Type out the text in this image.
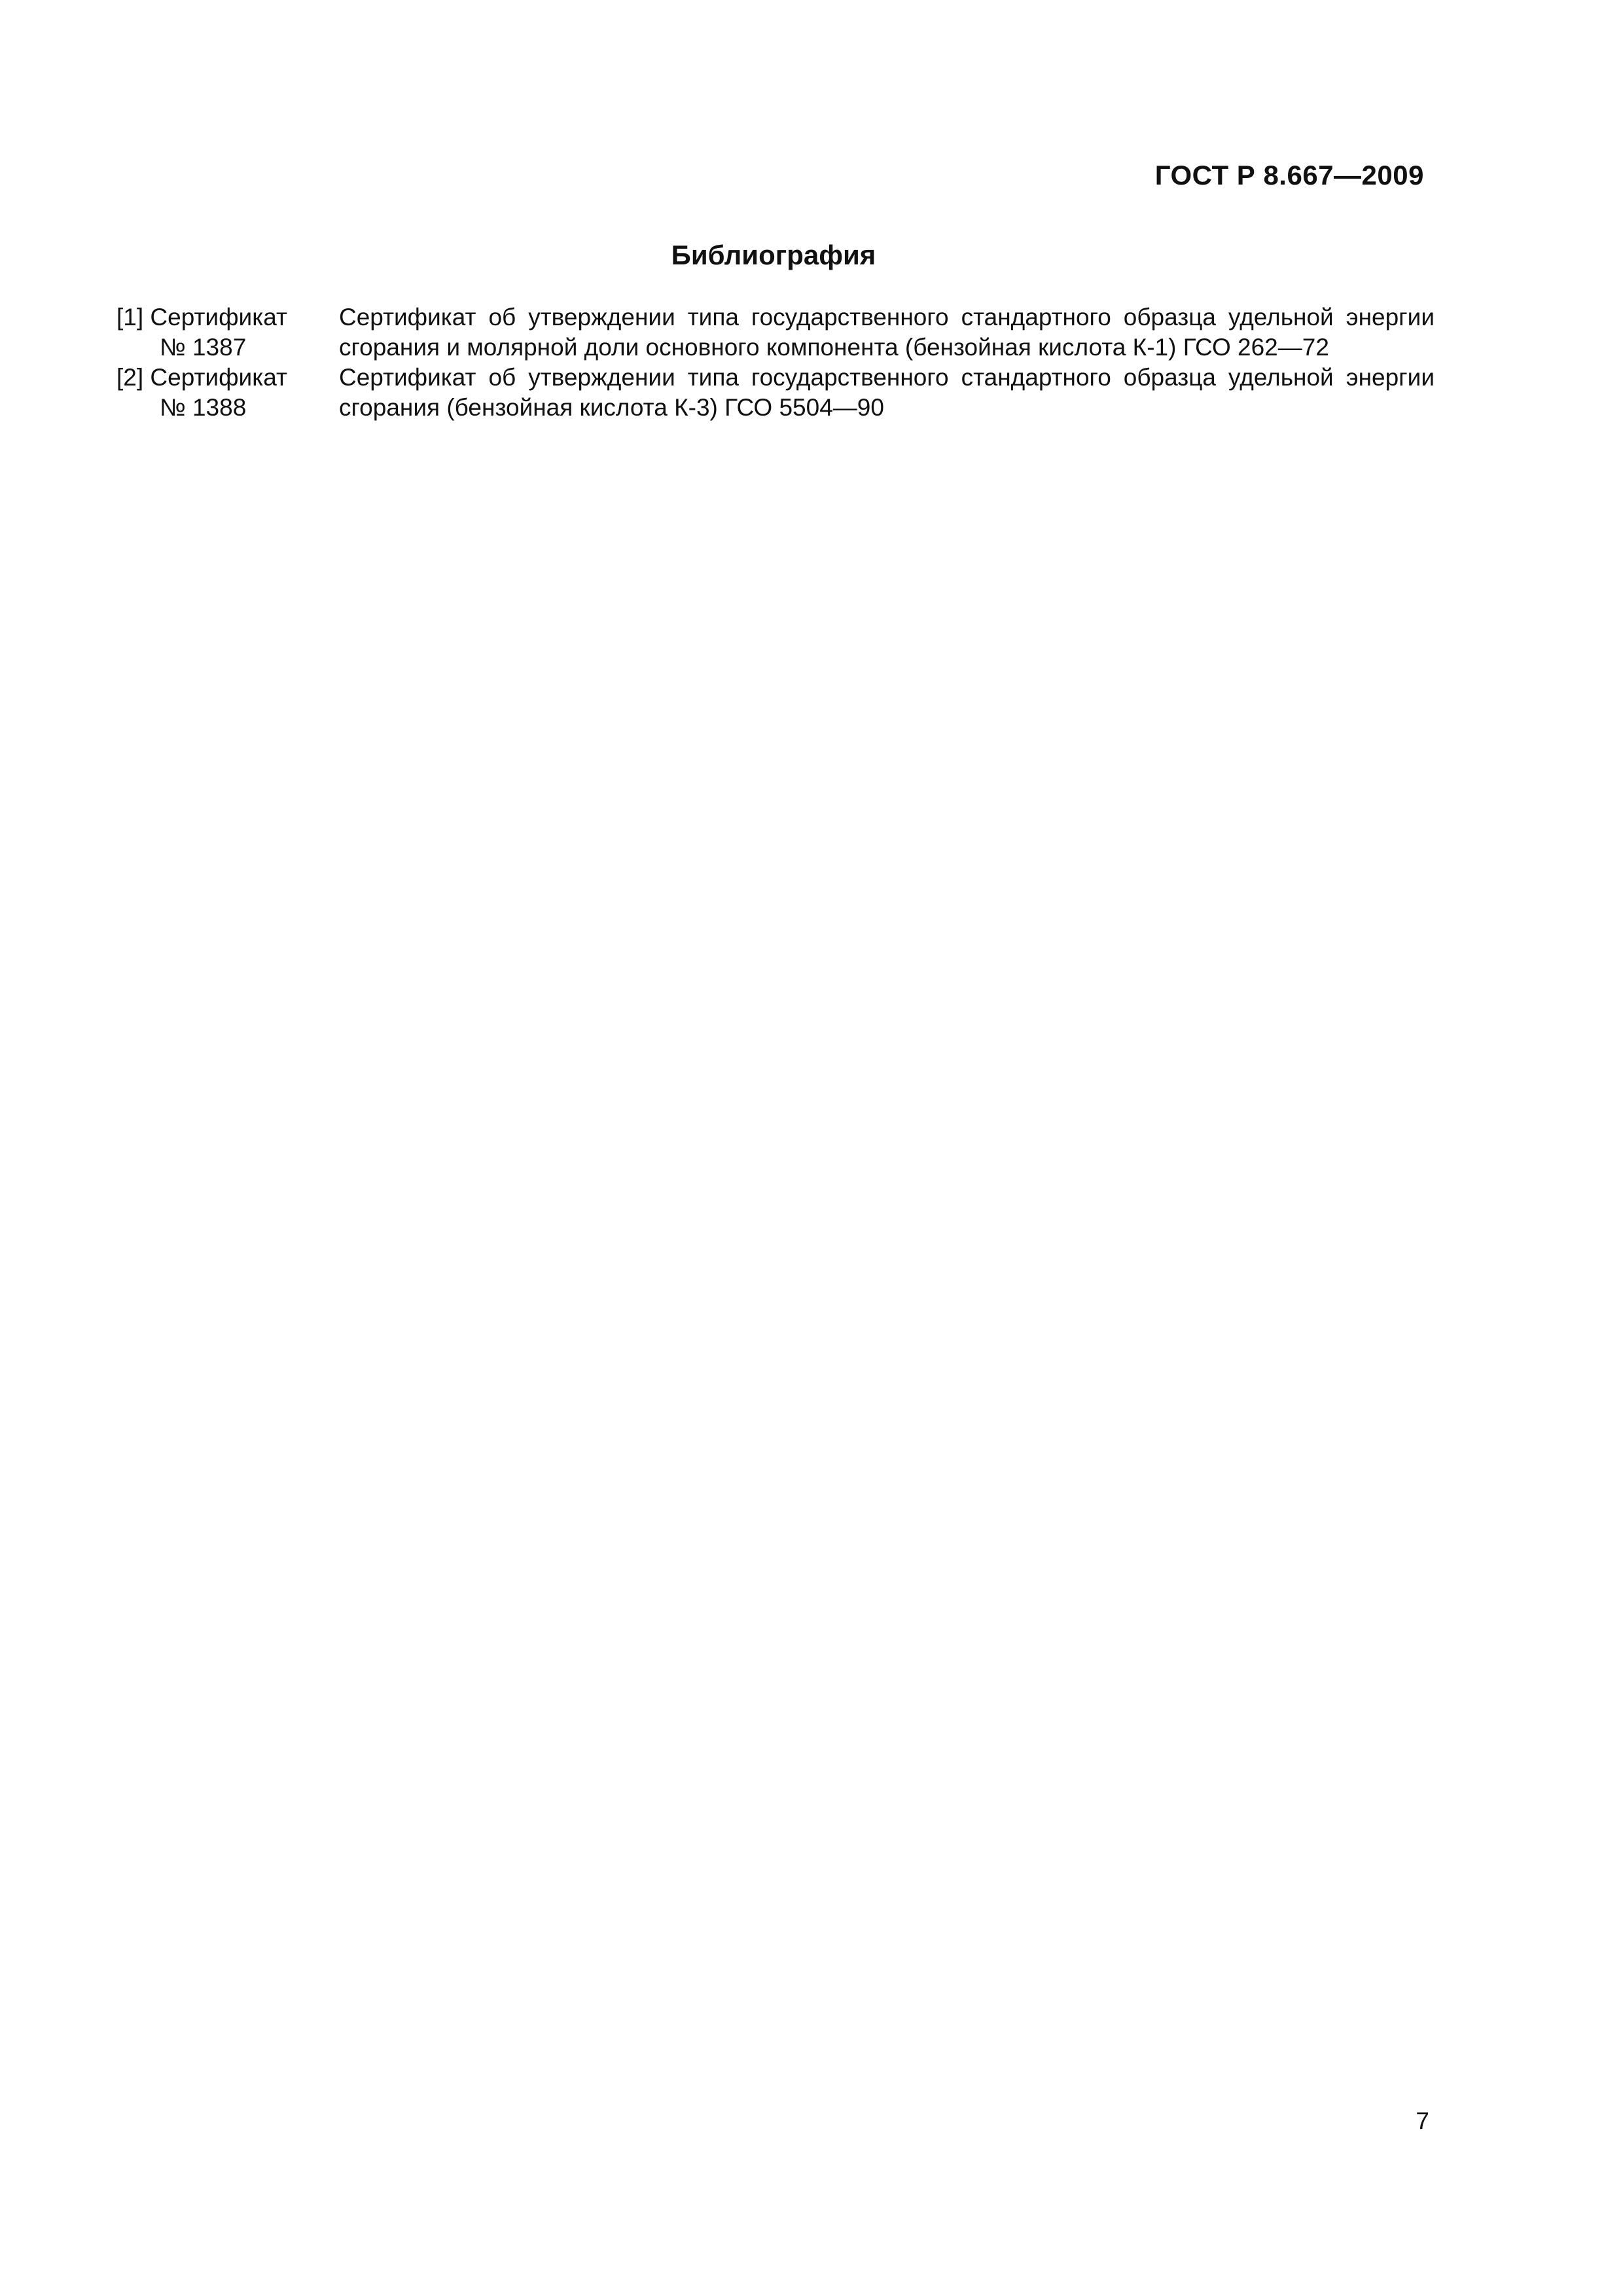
ГОСТ Р 8.667—2009
Библиография
[1] Сертификат
№ 1387
Сертификат об утверждении типа государственного стандартного образца удельной энергии
сгорания и молярной доли основного компонента (бензойная кислота К-1) ГСО 262—72
[2] Сертификат
№ 1388
Сертификат об утверждении типа государственного стандартного образца удельной энергии
сгорания (бензойная кислота К-3) ГСО 5504—90
7
